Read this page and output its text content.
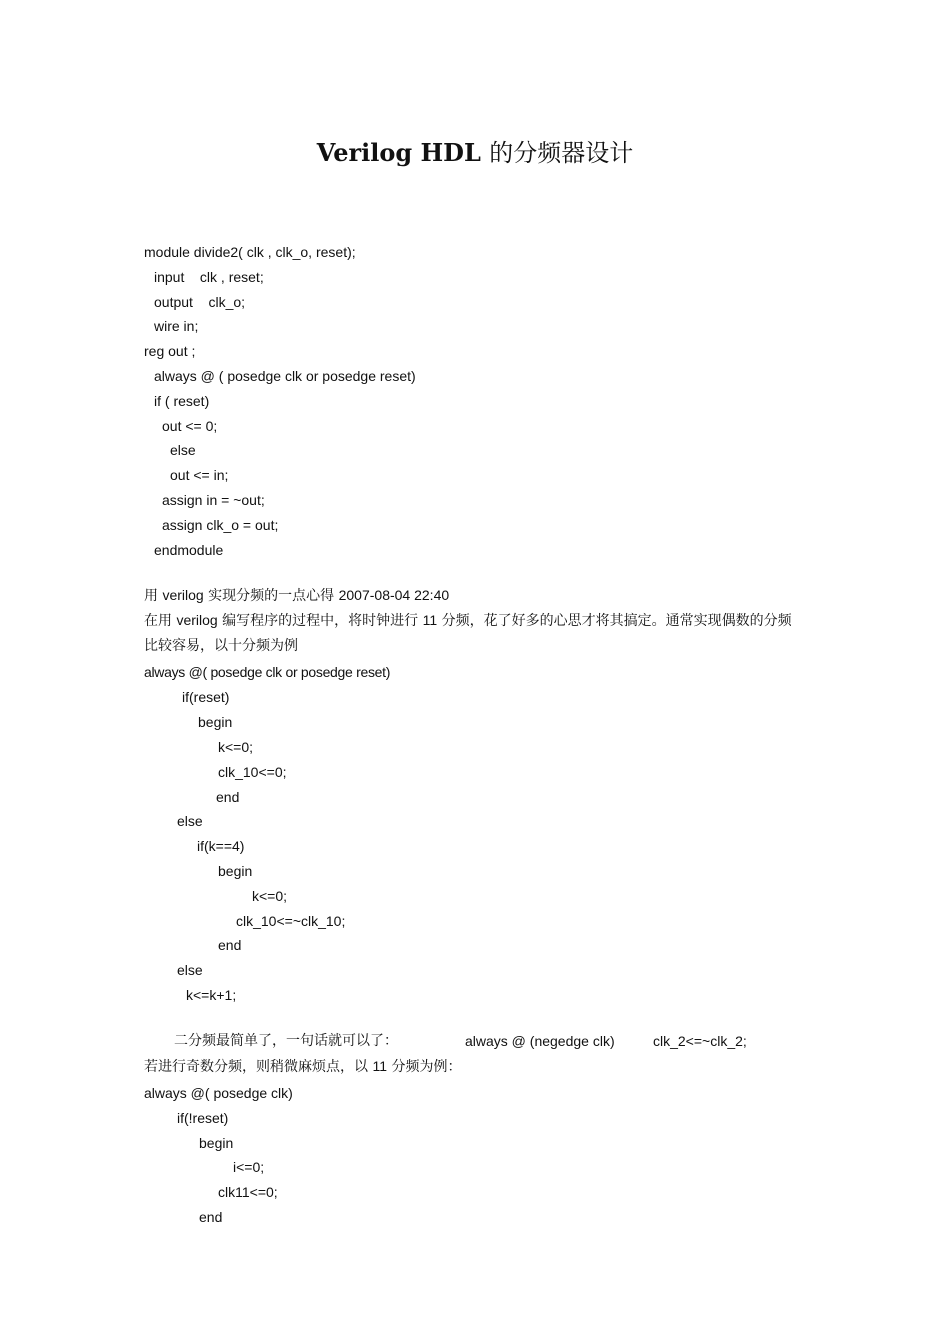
Verilog HDL 的分频器设计

module divide2( clk , clk_o, reset);

input    clk , reset;

output    clk_o;

wire in;

reg out ;

always @ ( posedge clk or posedge reset)

if ( reset)

out <= 0;

else

out <= in;

assign in = ~out;

assign clk_o = out;

endmodule

用 verilog 实现分频的一点心得 2007-08-04 22:40

在用 verilog 编写程序的过程中，将时钟进行 11 分频，花了好多的心思才将其搞定。通常实现偶数的分频

比较容易，以十分频为例

always @( posedge clk or posedge reset)

if(reset)

begin

k<=0;

clk_10<=0;

end

else

if(k==4)

begin

k<=0;

clk_10<=~clk_10;

end

else

k<=k+1;

二分频最简单了，一句话就可以了：	always @ (negedge clk)	clk_2<=~clk_2;

若进行奇数分频，则稍微麻烦点，以 11 分频为例：

always @( posedge clk)

if(!reset)

begin

i<=0;

clk11<=0;

end
